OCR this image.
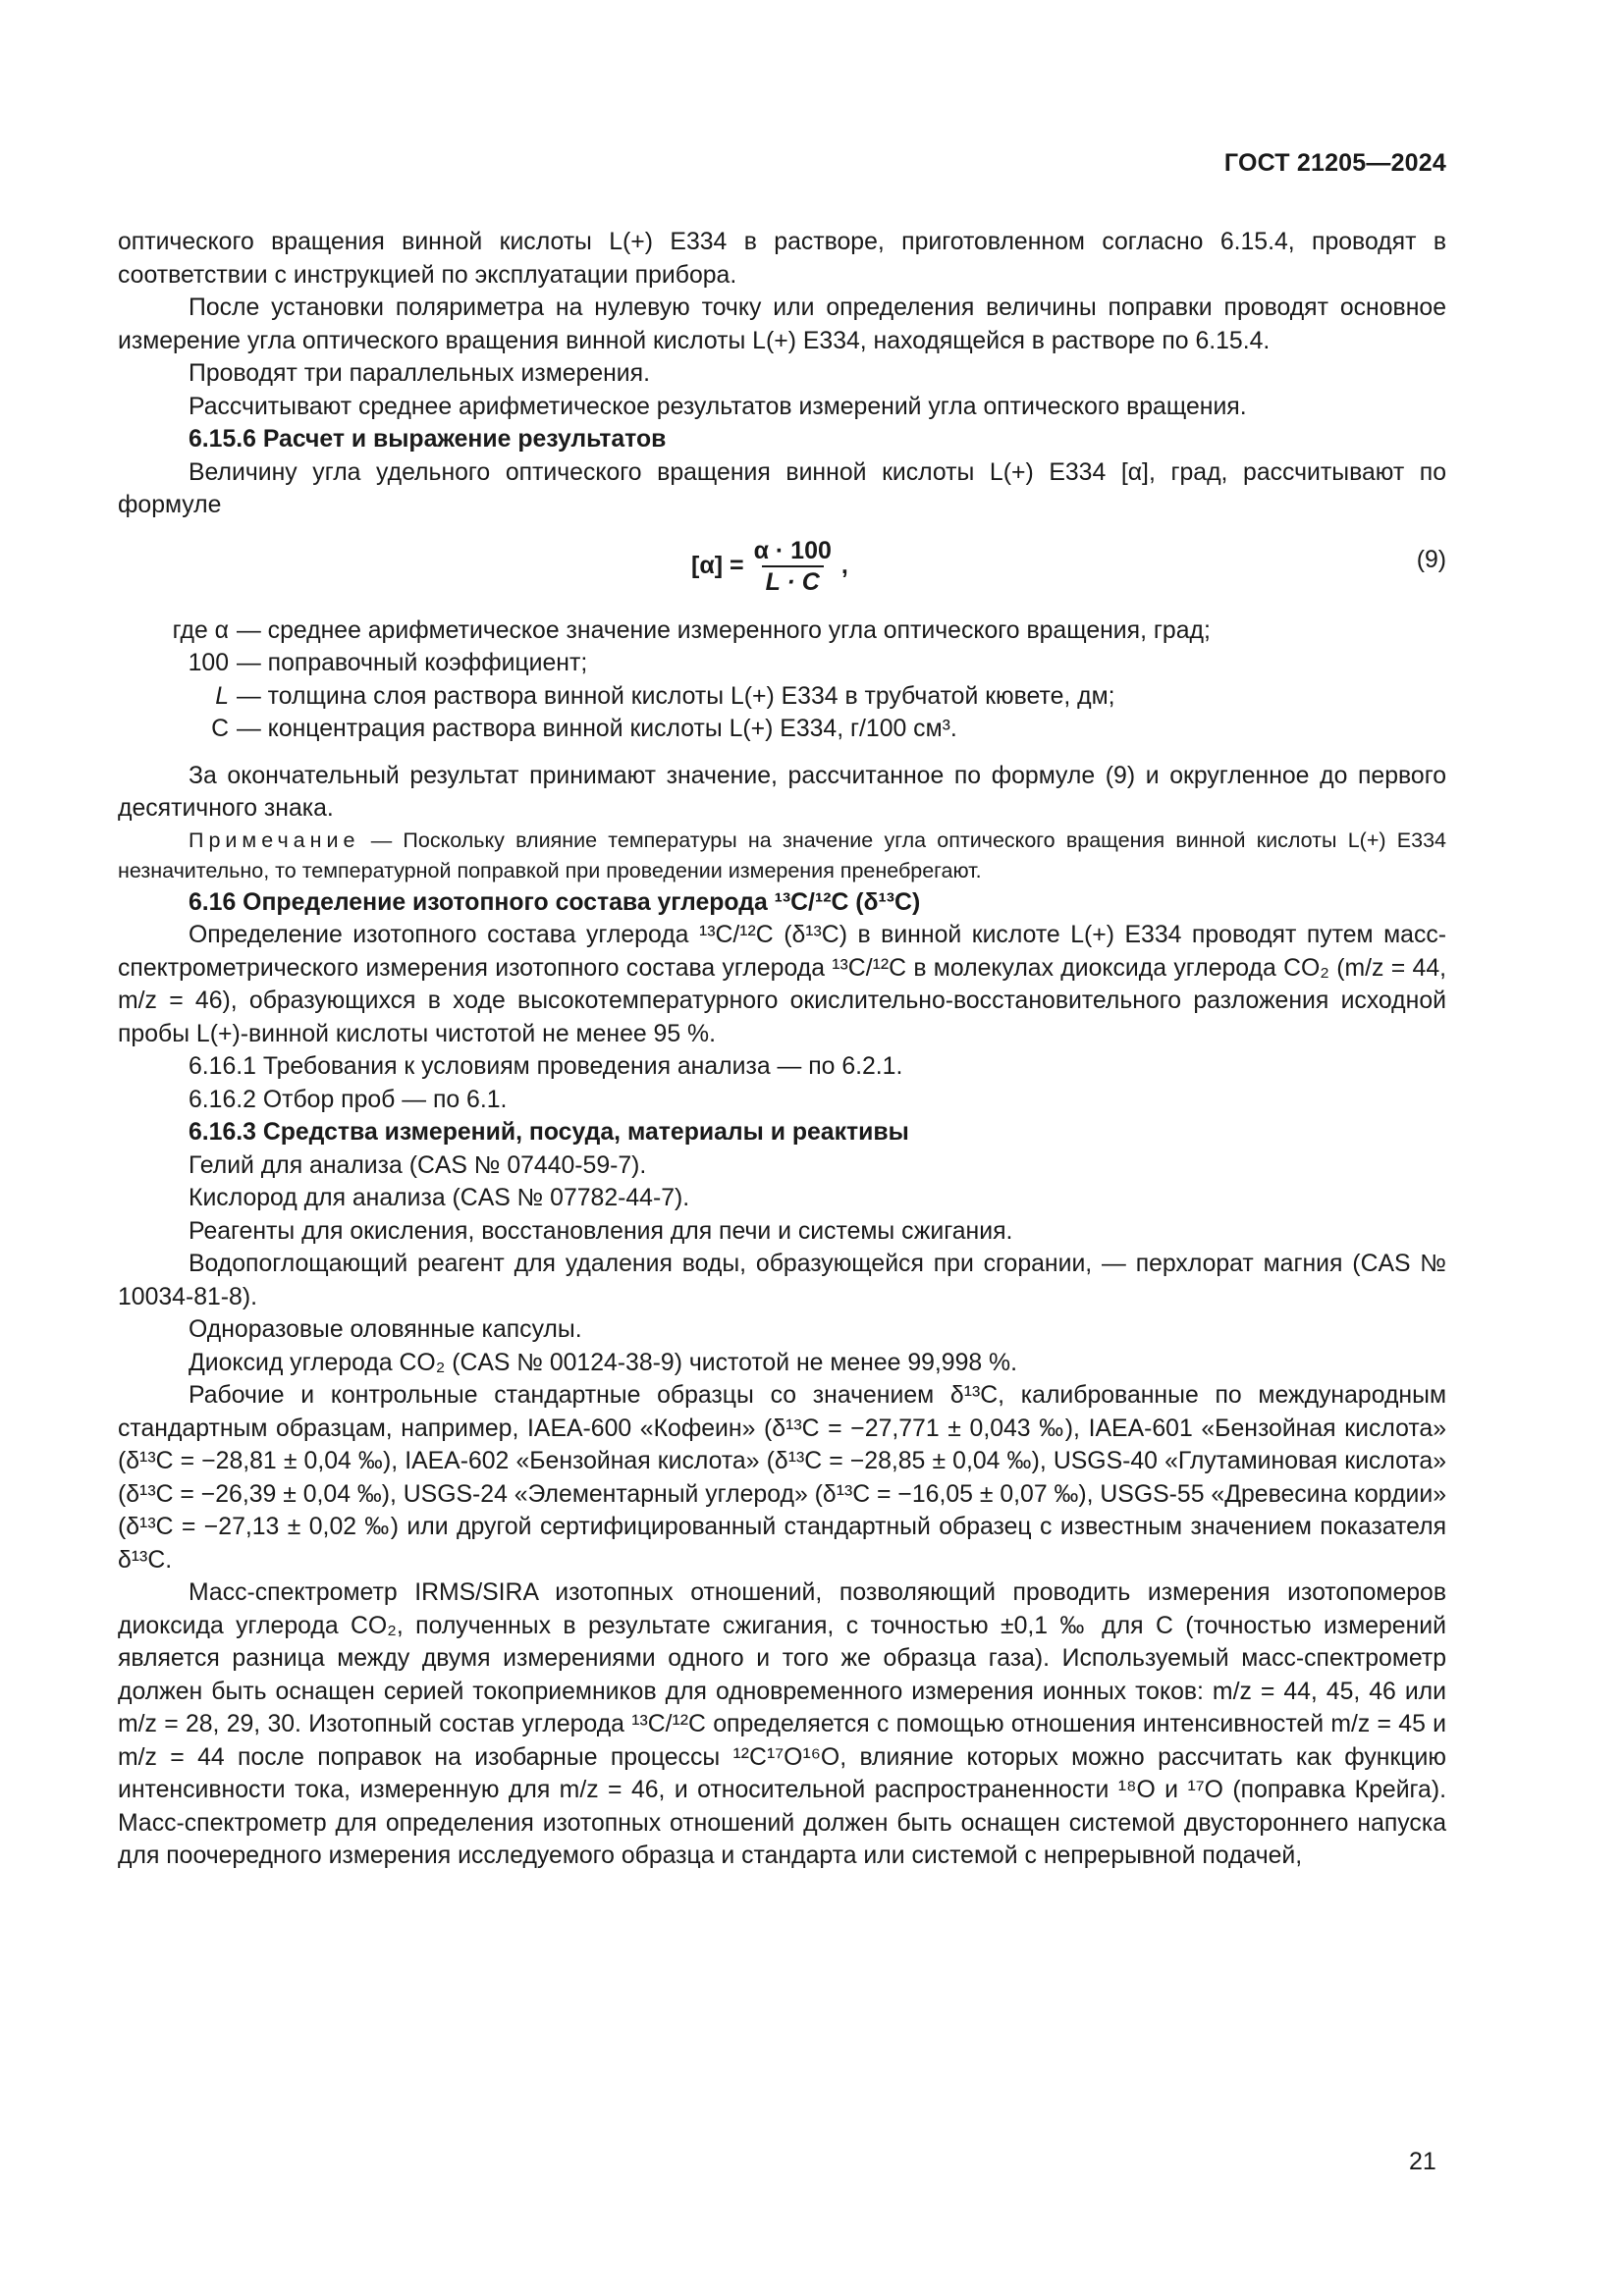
ГОСТ 21205—2024

оптического вращения винной кислоты L(+) Е334 в растворе, приготовленном согласно 6.15.4, проводят в соответствии с инструкцией по эксплуатации прибора.

После установки поляриметра на нулевую точку или определения величины поправки проводят основное измерение угла оптического вращения винной кислоты L(+) Е334, находящейся в растворе по 6.15.4.

Проводят три параллельных измерения.

Рассчитывают среднее арифметическое результатов измерений угла оптического вращения.

6.15.6 Расчет и выражение результатов

Величину угла удельного оптического вращения винной кислоты L(+) Е334 [α], град, рассчитывают по формуле

$[\alpha] = \frac{\alpha \cdot 100}{L \cdot C}$ ,	(9)
где α — среднее арифметическое значение измеренного угла оптического вращения, град;
100 — поправочный коэффициент;
L — толщина слоя раствора винной кислоты L(+) Е334 в трубчатой кювете, дм;
С — концентрация раствора винной кислоты L(+) Е334, г/100 см³.

За окончательный результат принимают значение, рассчитанное по формуле (9) и округленное до первого десятичного знака.

Примечание — Поскольку влияние температуры на значение угла оптического вращения винной кислоты L(+) Е334 незначительно, то температурной поправкой при проведении измерения пренебрегают.

6.16 Определение изотопного состава углерода ¹³C/¹²C (δ¹³C)

Определение изотопного состава углерода ¹³С/¹²С (δ¹³С) в винной кислоте L(+) Е334 проводят путем масс-спектрометрического измерения изотопного состава углерода ¹³С/¹²С в молекулах диоксида углерода CO₂ (m/z = 44, m/z = 46), образующихся в ходе высокотемпературного окислительно-восстановительного разложения исходной пробы L(+)-винной кислоты чистотой не менее 95 %.

6.16.1 Требования к условиям проведения анализа — по 6.2.1.

6.16.2 Отбор проб — по 6.1.

6.16.3 Средства измерений, посуда, материалы и реактивы

Гелий для анализа (CAS № 07440-59-7).

Кислород для анализа (CAS № 07782-44-7).

Реагенты для окисления, восстановления для печи и системы сжигания.

Водопоглощающий реагент для удаления воды, образующейся при сгорании, — перхлорат магния (CAS № 10034-81-8).

Одноразовые оловянные капсулы.

Диоксид углерода CO₂ (CAS № 00124-38-9) чистотой не менее 99,998 %.

Рабочие и контрольные стандартные образцы со значением δ¹³С, калиброванные по международным стандартным образцам, например, IAEA-600 «Кофеин» (δ¹³С = −27,771 ± 0,043 ‰), IAEA-601 «Бензойная кислота» (δ¹³С = −28,81 ± 0,04 ‰), IAEA-602 «Бензойная кислота» (δ¹³С = −28,85 ± 0,04 ‰), USGS-40 «Глутаминовая кислота» (δ¹³С = −26,39 ± 0,04 ‰), USGS-24 «Элементарный углерод» (δ¹³С = −16,05 ± 0,07 ‰), USGS-55 «Древесина кордии» (δ¹³С = −27,13 ± 0,02 ‰) или другой сертифицированный стандартный образец с известным значением показателя δ¹³С.

Масс-спектрометр IRMS/SIRA изотопных отношений, позволяющий проводить измерения изотопомеров диоксида углерода CO₂, полученных в результате сжигания, с точностью ±0,1 ‰ для С (точностью измерений является разница между двумя измерениями одного и того же образца газа). Используемый масс-спектрометр должен быть оснащен серией токоприемников для одновременного измерения ионных токов: m/z = 44, 45, 46 или m/z = 28, 29, 30. Изотопный состав углерода ¹³С/¹²С определяется с помощью отношения интенсивностей m/z = 45 и m/z = 44 после поправок на изобарные процессы ¹²С¹⁷О¹⁶О, влияние которых можно рассчитать как функцию интенсивности тока, измеренную для m/z = 46, и относительной распространенности ¹⁸О и ¹⁷О (поправка Крейга). Масс-спектрометр для определения изотопных отношений должен быть оснащен системой двустороннего напуска для поочередного измерения исследуемого образца и стандарта или системой с непрерывной подачей,

21
